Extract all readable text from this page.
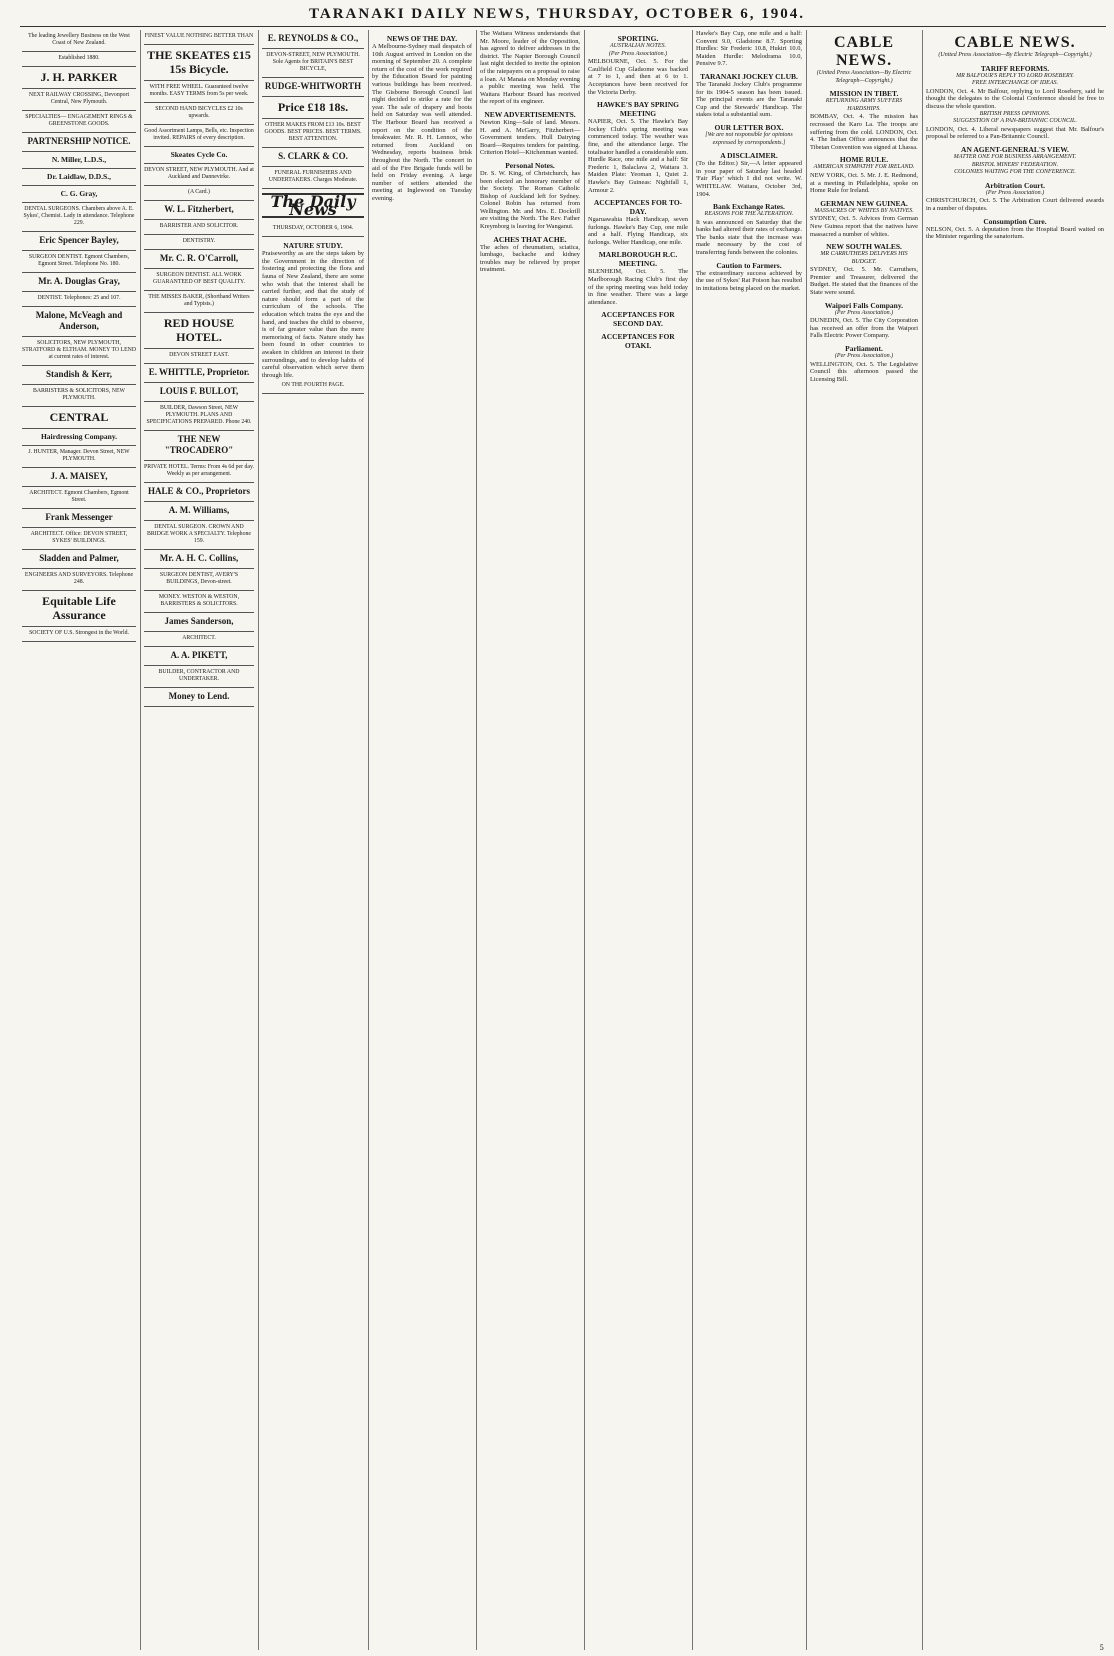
TARANAKI DAILY NEWS, THURSDAY, OCTOBER 6, 1904.
The leading Jewellery Business on the West Coast of New Zealand.
Established 1880.
J. H. PARKER
NEXT RAILWAY CROSSING, Devonport Central, New Plymouth.
SPECIALTIES— ENGAGEMENT RINGS & GREENSTONE GOODS.
PARTNERSHIP NOTICE.
N. Miller, L.D.S.,
Dr. Laidlaw, D.D.S.,
C. G. Gray,
DENTAL SURGEONS. Chambers above A. E. Sykes', Chemist. Lady in attendance. Telephone 229.
Eric Spencer Bayley,
SURGEON DENTIST. Egmont Chambers, Egmont Street. Telephone No. 180.
Mr. A. Douglas Gray,
DENTIST. Telephones: 25 and 107.
Malone, McVeagh and Anderson,
SOLICITORS, NEW PLYMOUTH, STRATFORD & ELTHAM. MONEY TO LEND at current rates of interest.
Standish & Kerr,
BARRISTERS & SOLICITORS, NEW PLYMOUTH.
CENTRAL
Hairdressing Company.
J. HUNTER, Manager. Devon Street, NEW PLYMOUTH.
J. A. MAISEY,
ARCHITECT. Egmont Chambers, Egmont Street.
Frank Messenger
ARCHITECT. Office: DEVON STREET, SYKES' BUILDINGS.
Sladden and Palmer,
ENGINEERS AND SURVEYORS. Telephone 248.
Equitable Life Assurance
SOCIETY OF U.S. Strongest in the World.
FINEST VALUE NOTHING BETTER THAN
THE SKEATES £15 15s Bicycle.
WITH FREE WHEEL. Guaranteed twelve months. EASY TERMS from 5s per week.
SECOND HAND BICYCLES £2 10s upwards.
Good Assortment Lamps, Bells, etc. Inspection invited. REPAIRS of every description.
Skeates Cycle Co.
DEVON STREET, NEW PLYMOUTH. And at Auckland and Dannevirke.
(A Card.)
W. L. Fitzherbert,
BARRISTER AND SOLICITOR.
DENTISTRY.
Mr. C. R. O'Carroll,
SURGEON DENTIST. ALL WORK GUARANTEED OF BEST QUALITY.
THE MISSES BAKER, (Shorthand Writers and Typists.)
RED HOUSE HOTEL.
DEVON STREET EAST.
E. WHITTLE, Proprietor.
LOUIS F. BULLOT,
BUILDER, Dawson Street, NEW PLYMOUTH. PLANS AND SPECIFICATIONS PREPARED. Phone 240.
THE NEW "TROCADERO"
PRIVATE HOTEL. Terms: From 4s 6d per day. Weekly as per arrangement.
HALE & CO., Proprietors
A. M. Williams,
DENTAL SURGEON. CROWN AND BRIDGE WORK A SPECIALTY. Telephone 159.
Mr. A. H. C. Collins,
SURGEON DENTIST, AVERY'S BUILDINGS, Devon-street.
MONEY. WESTON & WESTON, BARRISTERS & SOLICITORS.
James Sanderson,
ARCHITECT.
A. A. PIKETT,
BUILDER, CONTRACTOR AND UNDERTAKER.
Money to Lend.
E. REYNOLDS & CO.,
DEVON-STREET, NEW PLYMOUTH. Sole Agents for BRITAIN'S BEST BICYCLE,
RUDGE-WHITWORTH
Price £18 18s.
OTHER MAKES FROM £13 10s. BEST GOODS. BEST PRICES. BEST TERMS. BEST ATTENTION.
S. CLARK & CO.
FUNERAL FURNISHERS AND UNDERTAKERS. Charges Moderate.
The Daily News
THURSDAY, OCTOBER 6, 1904.
NATURE STUDY.
Praiseworthy as are the steps taken by the Government in the direction of fostering and protecting the flora and fauna of New Zealand, there are some who wish that the interest shall be carried further, and that the study of nature should form a part of the curriculum of the schools. The education which trains the eye and the hand, and teaches the child to observe, is of far greater value than the mere memorising of facts. Nature study has been found in other countries to awaken in children an interest in their surroundings, and to develop habits of careful observation which serve them through life.
ON THE FOURTH PAGE.
NEWS OF THE DAY.
A Melbourne-Sydney mail despatch of 10th August arrived in London on the morning of September 20. A complete return of the cost of the work required by the Education Board for painting various buildings has been received. The Gisborne Borough Council last night decided to strike a rate for the year. The sale of drapery and boots held on Saturday was well attended. The Harbour Board has received a report on the condition of the breakwater. Mr. R. H. Lennox, who returned from Auckland on Wednesday, reports business brisk throughout the North. The concert in aid of the Fire Brigade funds will be held on Friday evening. A large number of settlers attended the meeting at Inglewood on Tuesday evening.
The Waitara Witness understands that Mr. Moore, leader of the Opposition, has agreed to deliver addresses in the district. The Napier Borough Council last night decided to invite the opinion of the ratepayers on a proposal to raise a loan. At Manaia on Monday evening a public meeting was held. The Waitara Harbour Board has received the report of its engineer.
NEW ADVERTISEMENTS.
Newton King—Sale of land. Messrs. H. and A. McGarry, Fitzherbert—Government tenders. Hull Dairying Board—Requires tenders for painting. Criterion Hotel—Kitchenman wanted.
Personal Notes.
Dr. S. W. King, of Christchurch, has been elected an honorary member of the Society. The Roman Catholic Bishop of Auckland left for Sydney. Colonel Robin has returned from Wellington. Mr. and Mrs. E. Dockrill are visiting the North. The Rev. Father Kreymborg is leaving for Wanganui.
ACHES THAT ACHE.
The aches of rheumatism, sciatica, lumbago, backache and kidney troubles may be relieved by proper treatment.
SPORTING.
AUSTRALIAN NOTES.
(Per Press Association.)
MELBOURNE, Oct. 5. For the Caulfield Cup Gladsome was backed at 7 to 1, and then at 6 to 1. Acceptances have been received for the Victoria Derby.
HAWKE'S BAY SPRING MEETING
NAPIER, Oct. 5. The Hawke's Bay Jockey Club's spring meeting was commenced today. The weather was fine, and the attendance large. The totalisator handled a considerable sum. Hurdle Race, one mile and a half: Sir Frederic 1, Balaclava 2, Waitara 3. Maiden Plate: Yeoman 1, Quiet 2. Hawke's Bay Guineas: Nightfall 1, Armour 2.
ACCEPTANCES FOR TO-DAY.
Ngaruawahia Hack Handicap, seven furlongs. Hawke's Bay Cup, one mile and a half. Flying Handicap, six furlongs. Welter Handicap, one mile.
MARLBOROUGH R.C. MEETING.
BLENHEIM, Oct. 5. The Marlborough Racing Club's first day of the spring meeting was held today in fine weather. There was a large attendance.
ACCEPTANCES FOR SECOND DAY.
ACCEPTANCES FOR OTAKI.
Hawke's Bay Cup, one mile and a half: Convent 9.0, Gladstone 8.7. Sporting Hurdles: Sir Frederic 10.8, Hukiri 10.0, Maiden Hurdle: Melodrama 10.0, Pensive 9.7.
TARANAKI JOCKEY CLUB.
The Taranaki Jockey Club's programme for its 1904-5 season has been issued. The principal events are the Taranaki Cup and the Stewards' Handicap. The stakes total a substantial sum.
OUR LETTER BOX.
[We are not responsible for opinions expressed by correspondents.]
A DISCLAIMER.
(To the Editor.) Sir,—A letter appeared in your paper of Saturday last headed 'Fair Play' which I did not write. W. WHITELAW. Waitara, October 3rd, 1904.
Bank Exchange Rates.
REASONS FOR THE ALTERATION.
It was announced on Saturday that the banks had altered their rates of exchange. The banks state that the increase was made necessary by the cost of transferring funds between the colonies.
Caution to Farmers.
The extraordinary success achieved by the use of Sykes' Rat Poison has resulted in imitations being placed on the market.
CABLE NEWS.
(United Press Association—By Electric Telegraph—Copyright.)
MISSION IN TIBET.
RETURNING ARMY SUFFERS HARDSHIPS.
BOMBAY, Oct. 4. The mission has recrossed the Karo La. The troops are suffering from the cold. LONDON, Oct. 4. The Indian Office announces that the Tibetan Convention was signed at Lhassa.
HOME RULE.
AMERICAN SYMPATHY FOR IRELAND.
NEW YORK, Oct. 5. Mr. J. E. Redmond, at a meeting in Philadelphia, spoke on Home Rule for Ireland.
GERMAN NEW GUINEA.
MASSACRES OF WHITES BY NATIVES.
SYDNEY, Oct. 5. Advices from German New Guinea report that the natives have massacred a number of whites.
NEW SOUTH WALES.
MR CARRUTHERS DELIVERS HIS BUDGET.
SYDNEY, Oct. 5. Mr. Carruthers, Premier and Treasurer, delivered the Budget. He stated that the finances of the State were sound.
Waipori Falls Company.
(Per Press Association.)
DUNEDIN, Oct. 5. The City Corporation has received an offer from the Waipori Falls Electric Power Company.
Parliament.
(Per Press Association.)
WELLINGTON, Oct. 5. The Legislative Council this afternoon passed the Licensing Bill.
CABLE NEWS.
(United Press Association—By Electric Telegraph—Copyright.)
TARIFF REFORMS.
MR BALFOUR'S REPLY TO LORD ROSEBERY.
FREE INTERCHANGE OF IDEAS.
LONDON, Oct. 4. Mr Balfour, replying to Lord Rosebery, said he thought the delegates to the Colonial Conference should be free to discuss the whole question.
BRITISH PRESS OPINIONS.
SUGGESTION OF A PAN-BRITANNIC COUNCIL.
LONDON, Oct. 4. Liberal newspapers suggest that Mr. Balfour's proposal be referred to a Pan-Britannic Council.
AN AGENT-GENERAL'S VIEW.
MATTER ONE FOR BUSINESS ARRANGEMENT.
BRISTOL MINERS' FEDERATION.
COLONIES WAITING FOR THE CONFERENCE.
Arbitration Court.
(Per Press Association.)
CHRISTCHURCH, Oct. 5. The Arbitration Court delivered awards in a number of disputes.
Consumption Cure.
NELSON, Oct. 5. A deputation from the Hospital Board waited on the Minister regarding the sanatorium.
5
